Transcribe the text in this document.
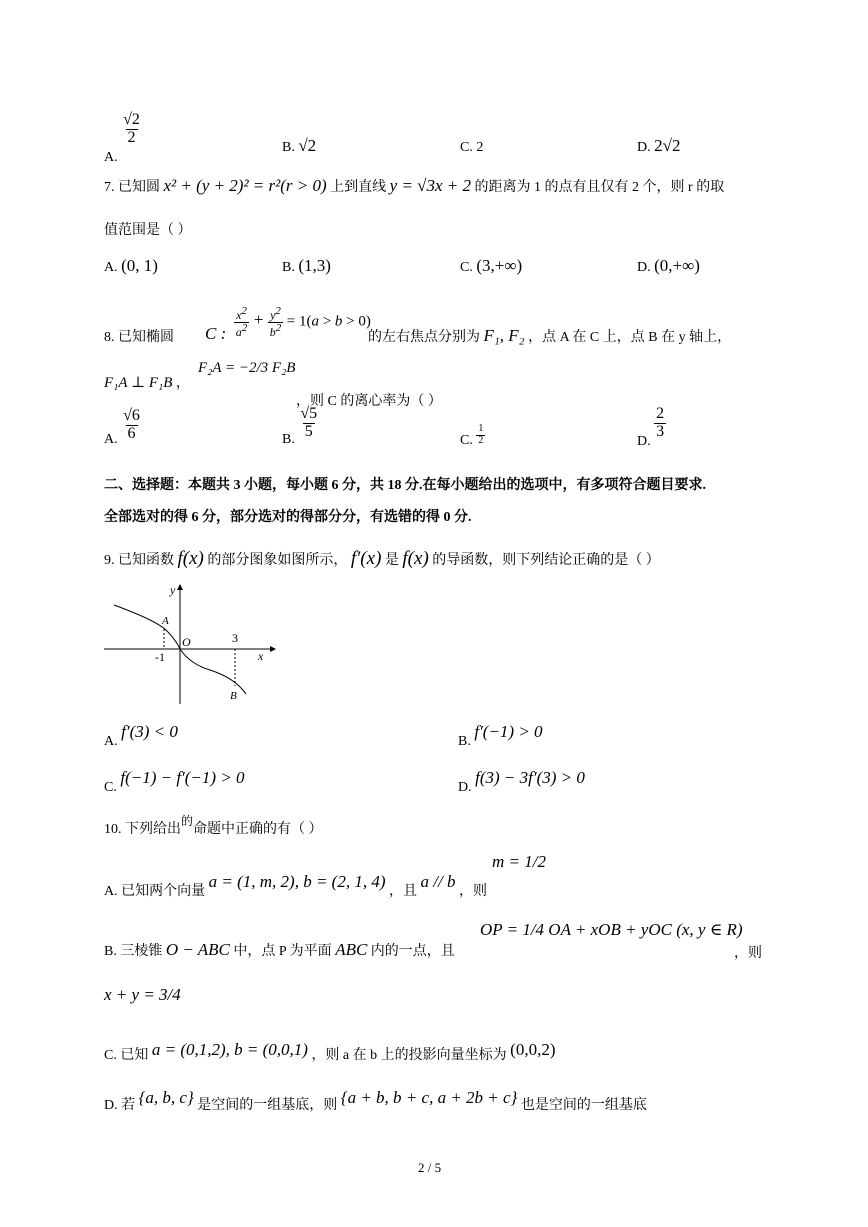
A.
$\frac{√2}{2}$
B. √2	C. 2	D. 2√2
7. 已知圆 x² + (y + 2)² = r²(r > 0) 上到直线 y = √3x + 2 的距离为 1 的点有且仅有 2 个，则 r 的取
值范围是（ ）
A. (0, 1)	B. (1,3)	C. (3,+∞)	D. (0,+∞)
8. 已知椭圆 C : $\frac{x^2}{a^2} + \frac{y^2}{b^2} = 1(a > b > 0)$
的左右焦点分别为 F₁, F₂ ，点 A 在 C 上，点 B 在 y 轴上，
F₁A ⊥ F₁B ，
F₂A = −2/3 F₂B
，则 C 的离心率为（ ）
A. $\frac{√6}{6}$	B. $\frac{√5}{5}$
C. $\frac{1}{2}$	D.
$\frac{2}{3}$
二、选择题：本题共 3 小题，每小题 6 分，共 18 分.在每小题给出的选项中，有多项符合题目要求.
全部选对的得 6 分，部分选对的得部分分，有选错的得 0 分.
9. 已知函数 f(x) 的部分图象如图所示， f′(x) 是 f(x) 的导函数，则下列结论正确的是（ ）
y
x
O
A
B
-1
3
A. f′(3) < 0
B. f′(−1) > 0
C. f(−1) − f′(−1) > 0
D. f(3) − 3f′(3) > 0
10. 下列给出的命题中正确的有（ ）
A. 已知两个向量 a = (1, m, 2), b = (2, 1, 4) ，且 a // b ，则
m = 1/2
B. 三棱锥 O − ABC 中，点 P 为平面 ABC 内的一点，且
OP = 1/4 OA + xOB + yOC (x, y ∈ R)
，则
x + y = 3/4
C. 已知 a = (0,1,2), b = (0,0,1) ，则 a 在 b 上的投影向量坐标为 (0,0,2)
D. 若 {a, b, c} 是空间的一组基底，则 {a + b, b + c, a + 2b + c} 也是空间的一组基底
2 / 5
